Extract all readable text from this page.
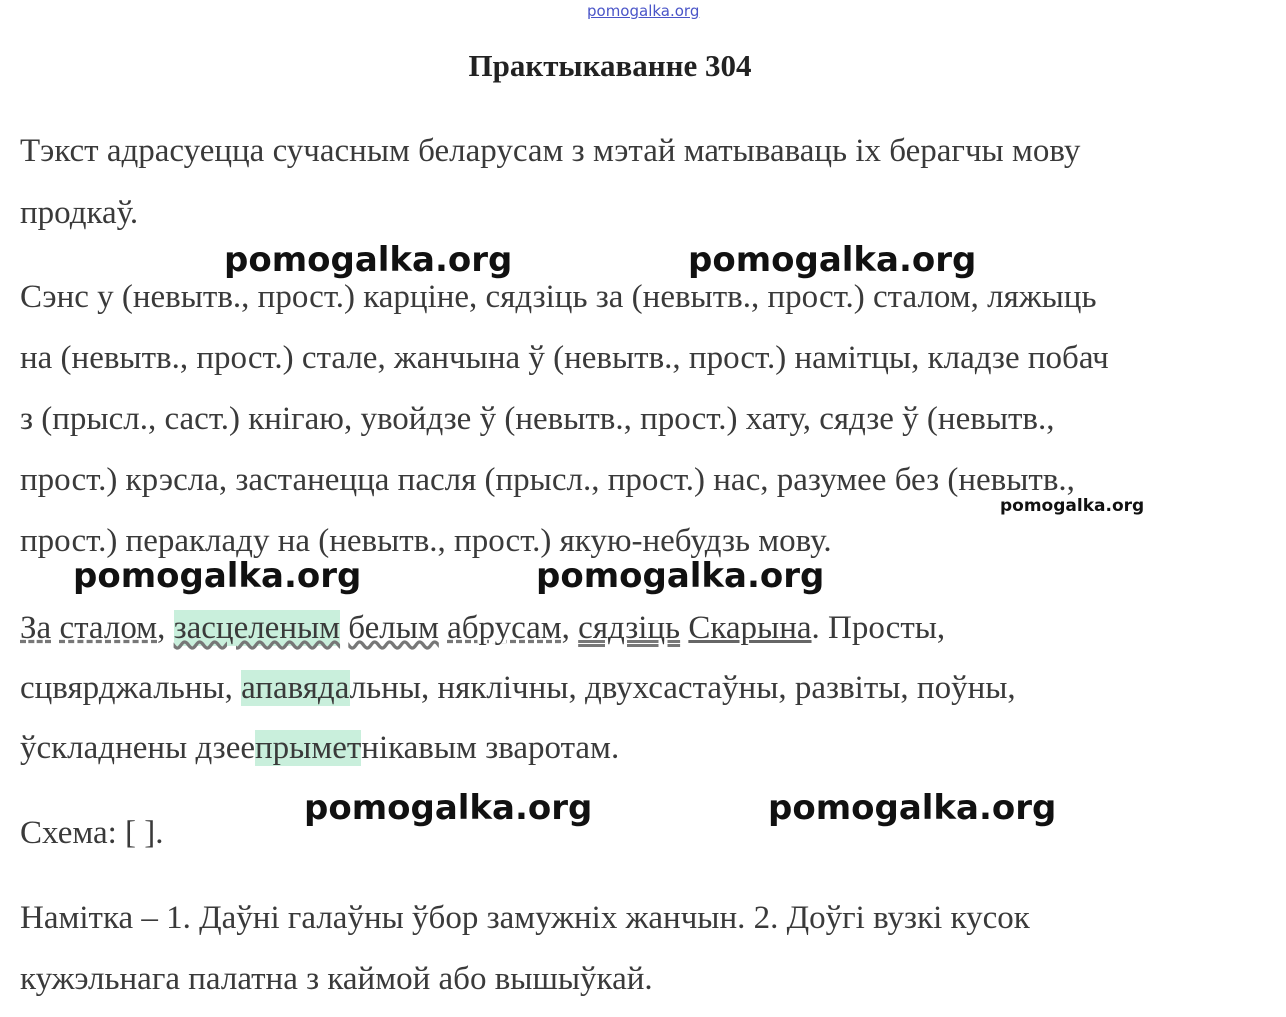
pomogalka.org
Практыкаванне 304
Тэкст адрасуецца сучасным беларусам з мэтай матываваць іх берагчы мову
продкаў.
Сэнс у (невытв., прост.) карціне, сядзіць за (невытв., прост.) сталом, ляжыць
на (невытв., прост.) стале, жанчына ў (невытв., прост.) намітцы, кладзе побач
з (прысл., саст.) кнігаю, увойдзе ў (невытв., прост.) хату, сядзе ў (невытв.,
прост.) крэсла, застанецца пасля (прысл., прост.) нас, разумее без (невытв.,
прост.) перакладу на (невытв., прост.) якую-небудзь мову.
За сталом, засцеленым белым абрусам, сядзіць Скарына. Просты,
сцвярджальны, апавядальны, няклічны, двухсастаўны, развіты, поўны,
ўскладнены дзеепрыметнікавым зваротам.
Схема: [ ].
Намітка – 1. Даўні галаўны ўбор замужніх жанчын. 2. Доўгі вузкі кусок
кужэльнага палатна з каймой або вышыўкай.
pomogalka.org	pomogalka.org
pomogalka.org
pomogalka.org	pomogalka.org
pomogalka.org	pomogalka.org
